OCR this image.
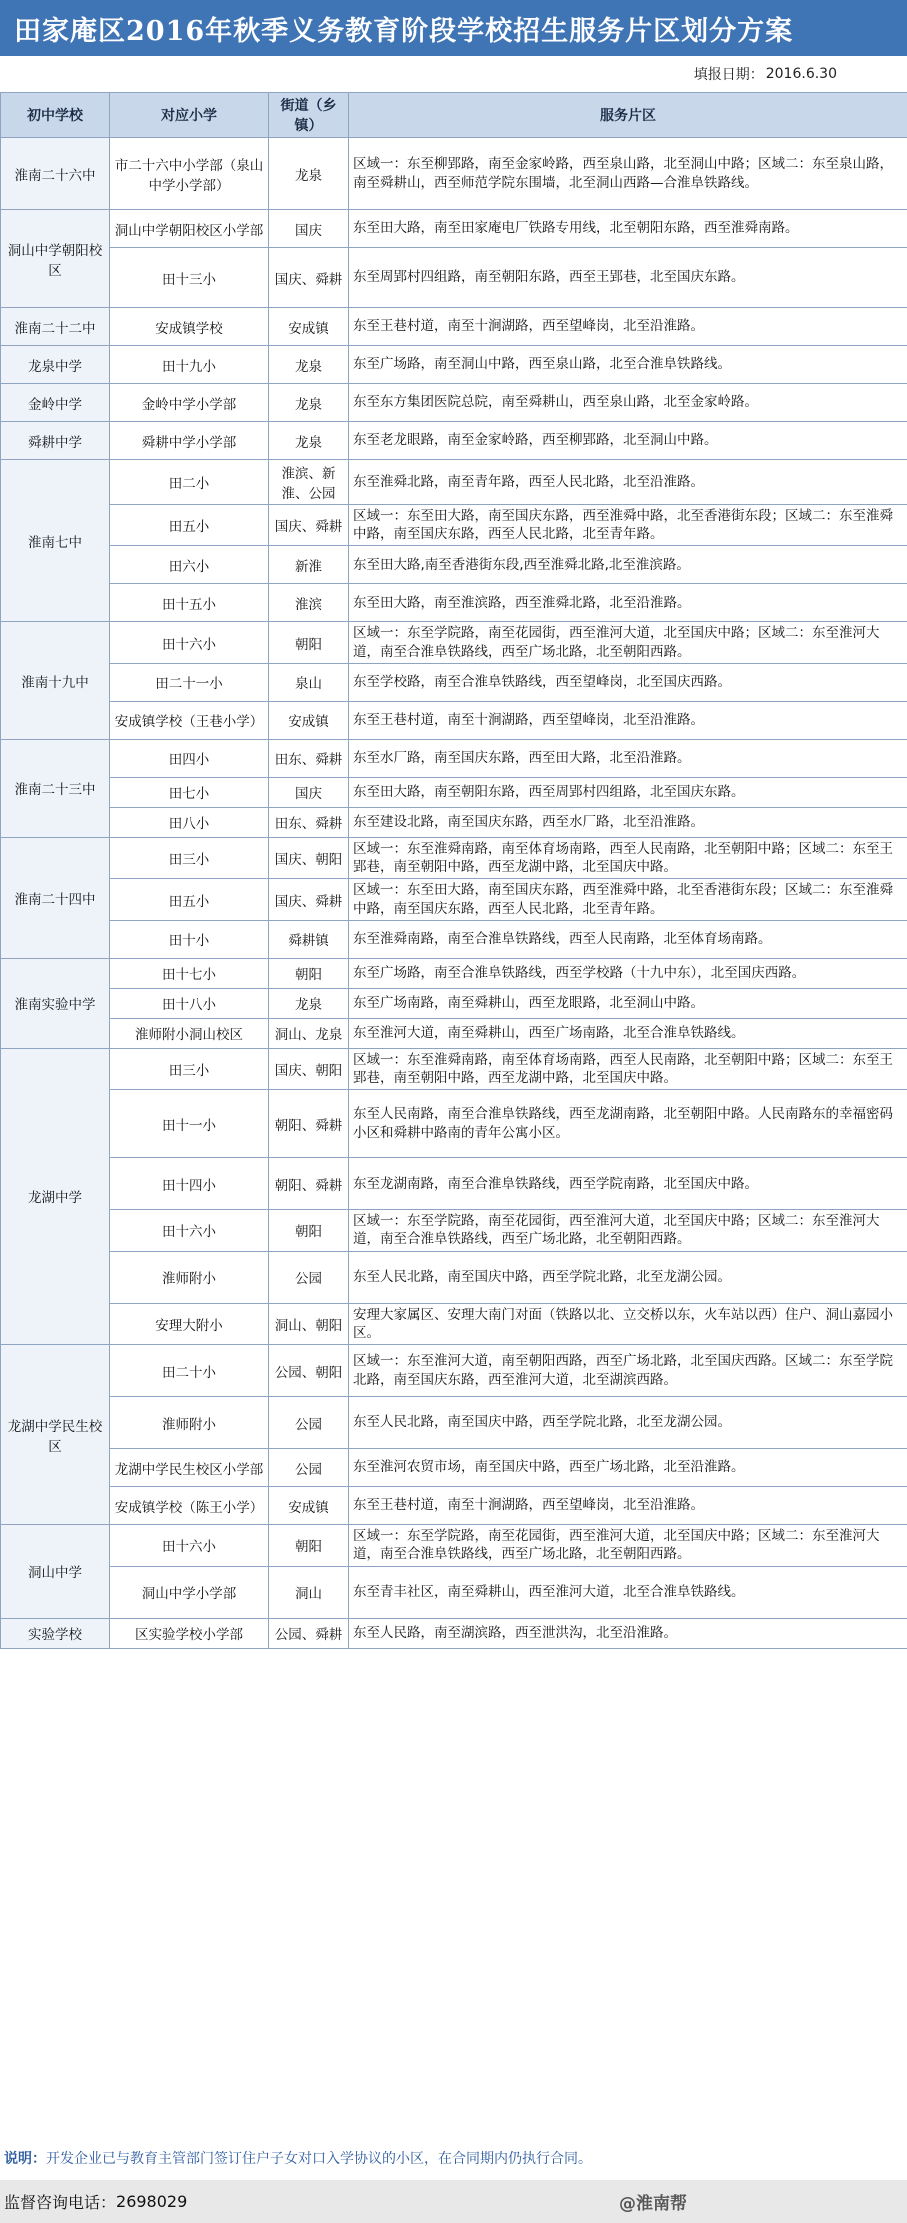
田家庵区2016年秋季义务教育阶段学校招生服务片区划分方案
填报日期： 2016.6.30
初中学校	对应小学	街道（乡镇）	服务片区
淮南二十六中	市二十六中小学部（泉山中学小学部）	龙泉	区域一：东至柳郢路，南至金家岭路，西至泉山路，北至洞山中路；区域二：东至泉山路，南至舜耕山，西至师范学院东围墙，北至洞山西路—合淮阜铁路线。
洞山中学朝阳校区	洞山中学朝阳校区小学部	国庆	东至田大路，南至田家庵电厂铁路专用线，北至朝阳东路，西至淮舜南路。
	田十三小	国庆、舜耕	东至周郢村四组路，南至朝阳东路，西至王郢巷，北至国庆东路。
淮南二十二中	安成镇学校	安成镇	东至王巷村道，南至十涧湖路，西至望峰岗，北至沿淮路。
龙泉中学	田十九小	龙泉	东至广场路，南至洞山中路，西至泉山路，北至合淮阜铁路线。
金岭中学	金岭中学小学部	龙泉	东至东方集团医院总院，南至舜耕山，西至泉山路，北至金家岭路。
舜耕中学	舜耕中学小学部	龙泉	东至老龙眼路，南至金家岭路，西至柳郢路，北至洞山中路。
淮南七中	田二小	淮滨、新淮、公园	东至淮舜北路，南至青年路，西至人民北路，北至沿淮路。
	田五小	国庆、舜耕	区域一：东至田大路，南至国庆东路，西至淮舜中路，北至香港街东段；区域二：东至淮舜中路，南至国庆东路，西至人民北路，北至青年路。
	田六小	新淮	东至田大路,南至香港街东段,西至淮舜北路,北至淮滨路。
	田十五小	淮滨	东至田大路，南至淮滨路，西至淮舜北路，北至沿淮路。
淮南十九中	田十六小	朝阳	区域一：东至学院路，南至花园街，西至淮河大道，北至国庆中路；区域二：东至淮河大道，南至合淮阜铁路线，西至广场北路，北至朝阳西路。
	田二十一小	泉山	东至学校路，南至合淮阜铁路线，西至望峰岗，北至国庆西路。
	安成镇学校（王巷小学）	安成镇	东至王巷村道，南至十涧湖路，西至望峰岗，北至沿淮路。
淮南二十三中	田四小	田东、舜耕	东至水厂路，南至国庆东路，西至田大路，北至沿淮路。
	田七小	国庆	东至田大路，南至朝阳东路，西至周郢村四组路，北至国庆东路。
	田八小	田东、舜耕	东至建设北路，南至国庆东路，西至水厂路，北至沿淮路。
淮南二十四中	田三小	国庆、朝阳	区域一：东至淮舜南路，南至体育场南路，西至人民南路，北至朝阳中路；区域二：东至王郢巷，南至朝阳中路，西至龙湖中路，北至国庆中路。
	田五小	国庆、舜耕	区域一：东至田大路，南至国庆东路，西至淮舜中路，北至香港街东段；区域二：东至淮舜中路，南至国庆东路，西至人民北路，北至青年路。
	田十小	舜耕镇	东至淮舜南路，南至合淮阜铁路线，西至人民南路，北至体育场南路。
淮南实验中学	田十七小	朝阳	东至广场路，南至合淮阜铁路线，西至学校路（十九中东），北至国庆西路。
	田十八小	龙泉	东至广场南路，南至舜耕山，西至龙眼路，北至洞山中路。
	淮师附小洞山校区	洞山、龙泉	东至淮河大道，南至舜耕山，西至广场南路，北至合淮阜铁路线。
龙湖中学	田三小	国庆、朝阳	区域一：东至淮舜南路，南至体育场南路，西至人民南路，北至朝阳中路；区域二：东至王郢巷，南至朝阳中路，西至龙湖中路，北至国庆中路。
	田十一小	朝阳、舜耕	东至人民南路，南至合淮阜铁路线，西至龙湖南路，北至朝阳中路。人民南路东的幸福密码小区和舜耕中路南的青年公寓小区。
	田十四小	朝阳、舜耕	东至龙湖南路，南至合淮阜铁路线，西至学院南路，北至国庆中路。
	田十六小	朝阳	区域一：东至学院路，南至花园街，西至淮河大道，北至国庆中路；区域二：东至淮河大道，南至合淮阜铁路线，西至广场北路，北至朝阳西路。
	淮师附小	公园	东至人民北路，南至国庆中路，西至学院北路，北至龙湖公园。
	安理大附小	洞山、朝阳	安理大家属区、安理大南门对面（铁路以北、立交桥以东，火车站以西）住户、洞山嘉园小区。
龙湖中学民生校区	田二十小	公园、朝阳	区域一：东至淮河大道，南至朝阳西路，西至广场北路，北至国庆西路。区域二：东至学院北路，南至国庆东路，西至淮河大道，北至湖滨西路。
	淮师附小	公园	东至人民北路，南至国庆中路，西至学院北路，北至龙湖公园。
	龙湖中学民生校区小学部	公园	东至淮河农贸市场，南至国庆中路，西至广场北路，北至沿淮路。
	安成镇学校（陈王小学）	安成镇	东至王巷村道，南至十涧湖路，西至望峰岗，北至沿淮路。
洞山中学	田十六小	朝阳	区域一：东至学院路，南至花园街，西至淮河大道，北至国庆中路；区域二：东至淮河大道，南至合淮阜铁路线，西至广场北路，北至朝阳西路。
	洞山中学小学部	洞山	东至青丰社区，南至舜耕山，西至淮河大道，北至合淮阜铁路线。
实验学校	区实验学校小学部	公园、舜耕	东至人民路，南至湖滨路，西至泄洪沟，北至沿淮路。
说明： 开发企业已与教育主管部门签订住户子女对口入学协议的小区，在合同期内仍执行合同。
监督咨询电话： 2698029	@淮南帮
